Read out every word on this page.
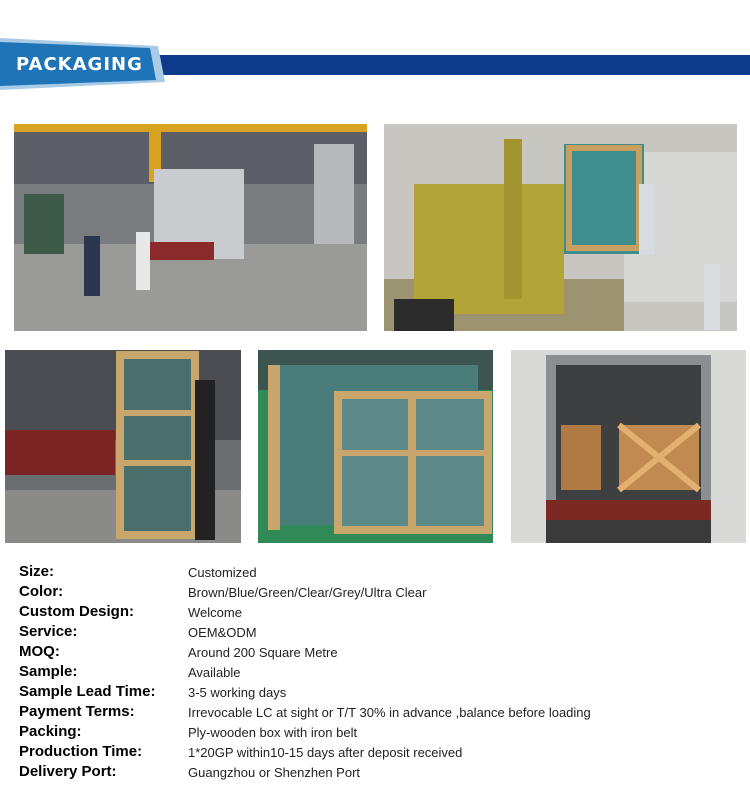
PACKAGING
Size:	Customized
Color:	Brown/Blue/Green/Clear/Grey/Ultra Clear
Custom Design:	Welcome
Service:	OEM&ODM
MOQ:	Around 200 Square Metre
Sample:	Available
Sample Lead Time:	3-5 working days
Payment Terms:	Irrevocable LC at sight or T/T 30% in advance ,balance before loading
Packing:	Ply-wooden box with iron belt
Production Time:	1*20GP within10-15 days after deposit received
Delivery Port:	Guangzhou or Shenzhen Port
